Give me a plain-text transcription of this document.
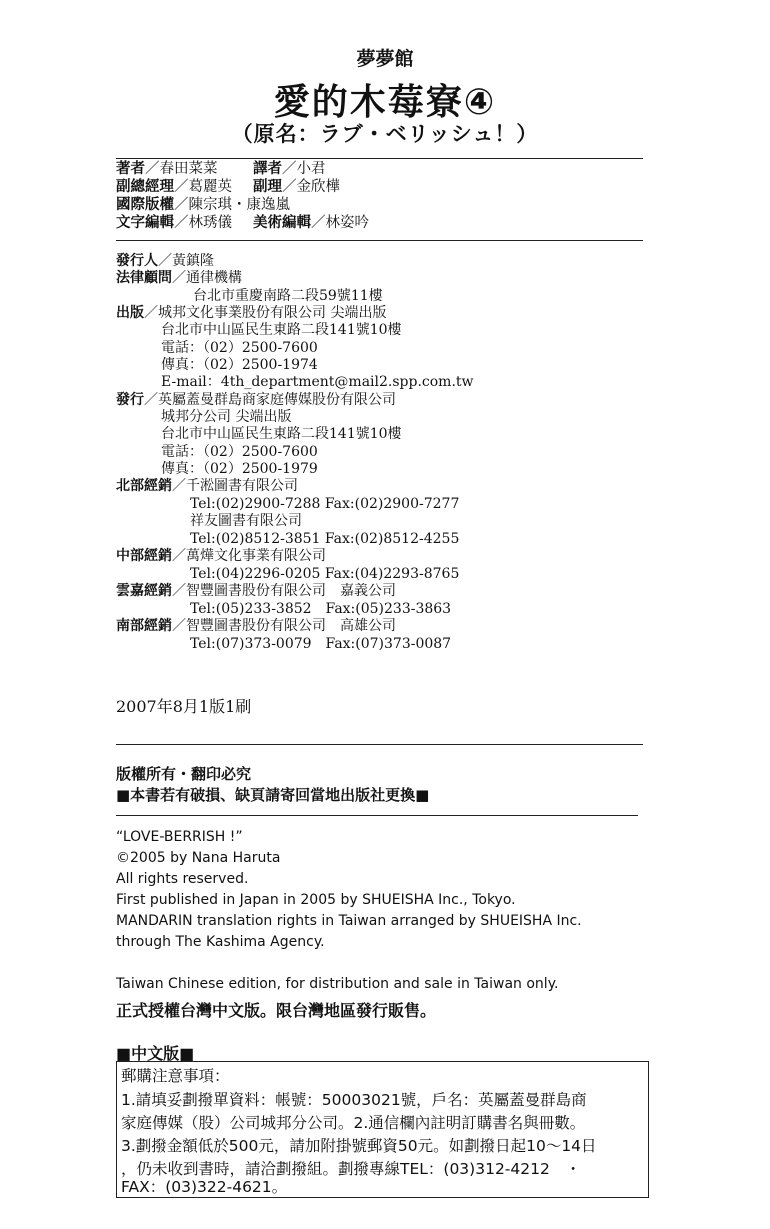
夢夢館
愛的木莓寮④
（原名：ラブ・ベリッシュ！）
著者／春田菜菜 譯者／小君
副總經理／葛麗英 副理／金欣樺
國際版權／陳宗琪・康逸嵐
文字編輯／林琇儀 美術編輯／林姿吟
發行人／黃鎮隆
法律顧問／通律機構
台北市重慶南路二段59號11樓
出版／城邦文化事業股份有限公司 尖端出版
台北市中山區民生東路二段141號10樓
電話：（02）2500-7600
傳真：（02）2500-1974
E-mail：4th_department@mail2.spp.com.tw
發行／英屬蓋曼群島商家庭傳媒股份有限公司
城邦分公司 尖端出版
台北市中山區民生東路二段141號10樓
電話：（02）2500-7600
傳真：（02）2500-1979
北部經銷／千淞圖書有限公司
Tel:(02)2900-7288 Fax:(02)2900-7277
祥友圖書有限公司
Tel:(02)8512-3851 Fax:(02)8512-4255
中部經銷／萬燁文化事業有限公司
Tel:(04)2296-0205 Fax:(04)2293-8765
雲嘉經銷／智豐圖書股份有限公司　嘉義公司
Tel:(05)233-3852　Fax:(05)233-3863
南部經銷／智豐圖書股份有限公司　高雄公司
Tel:(07)373-0079　Fax:(07)373-0087
2007年8月1版1刷
版權所有・翻印必究
■本書若有破損、缺頁請寄回當地出版社更換■
“LOVE-BERRISH !”
©2005 by Nana Haruta
All rights reserved.
First published in Japan in 2005 by SHUEISHA Inc., Tokyo.
MANDARIN translation rights in Taiwan arranged by SHUEISHA Inc.
through The Kashima Agency.
Taiwan Chinese edition, for distribution and sale in Taiwan only.
正式授權台灣中文版。限台灣地區發行販售。
■中文版■
郵購注意事項：
1.請填妥劃撥單資料：帳號：50003021號，戶名：英屬蓋曼群島商
家庭傳媒（股）公司城邦分公司。2.通信欄內註明訂購書名與冊數。
3.劃撥金額低於500元，請加附掛號郵資50元。如劃撥日起10～14日
，仍未收到書時，請洽劃撥組。劃撥專線TEL：(03)312-4212　・
FAX：(03)322-4621。
